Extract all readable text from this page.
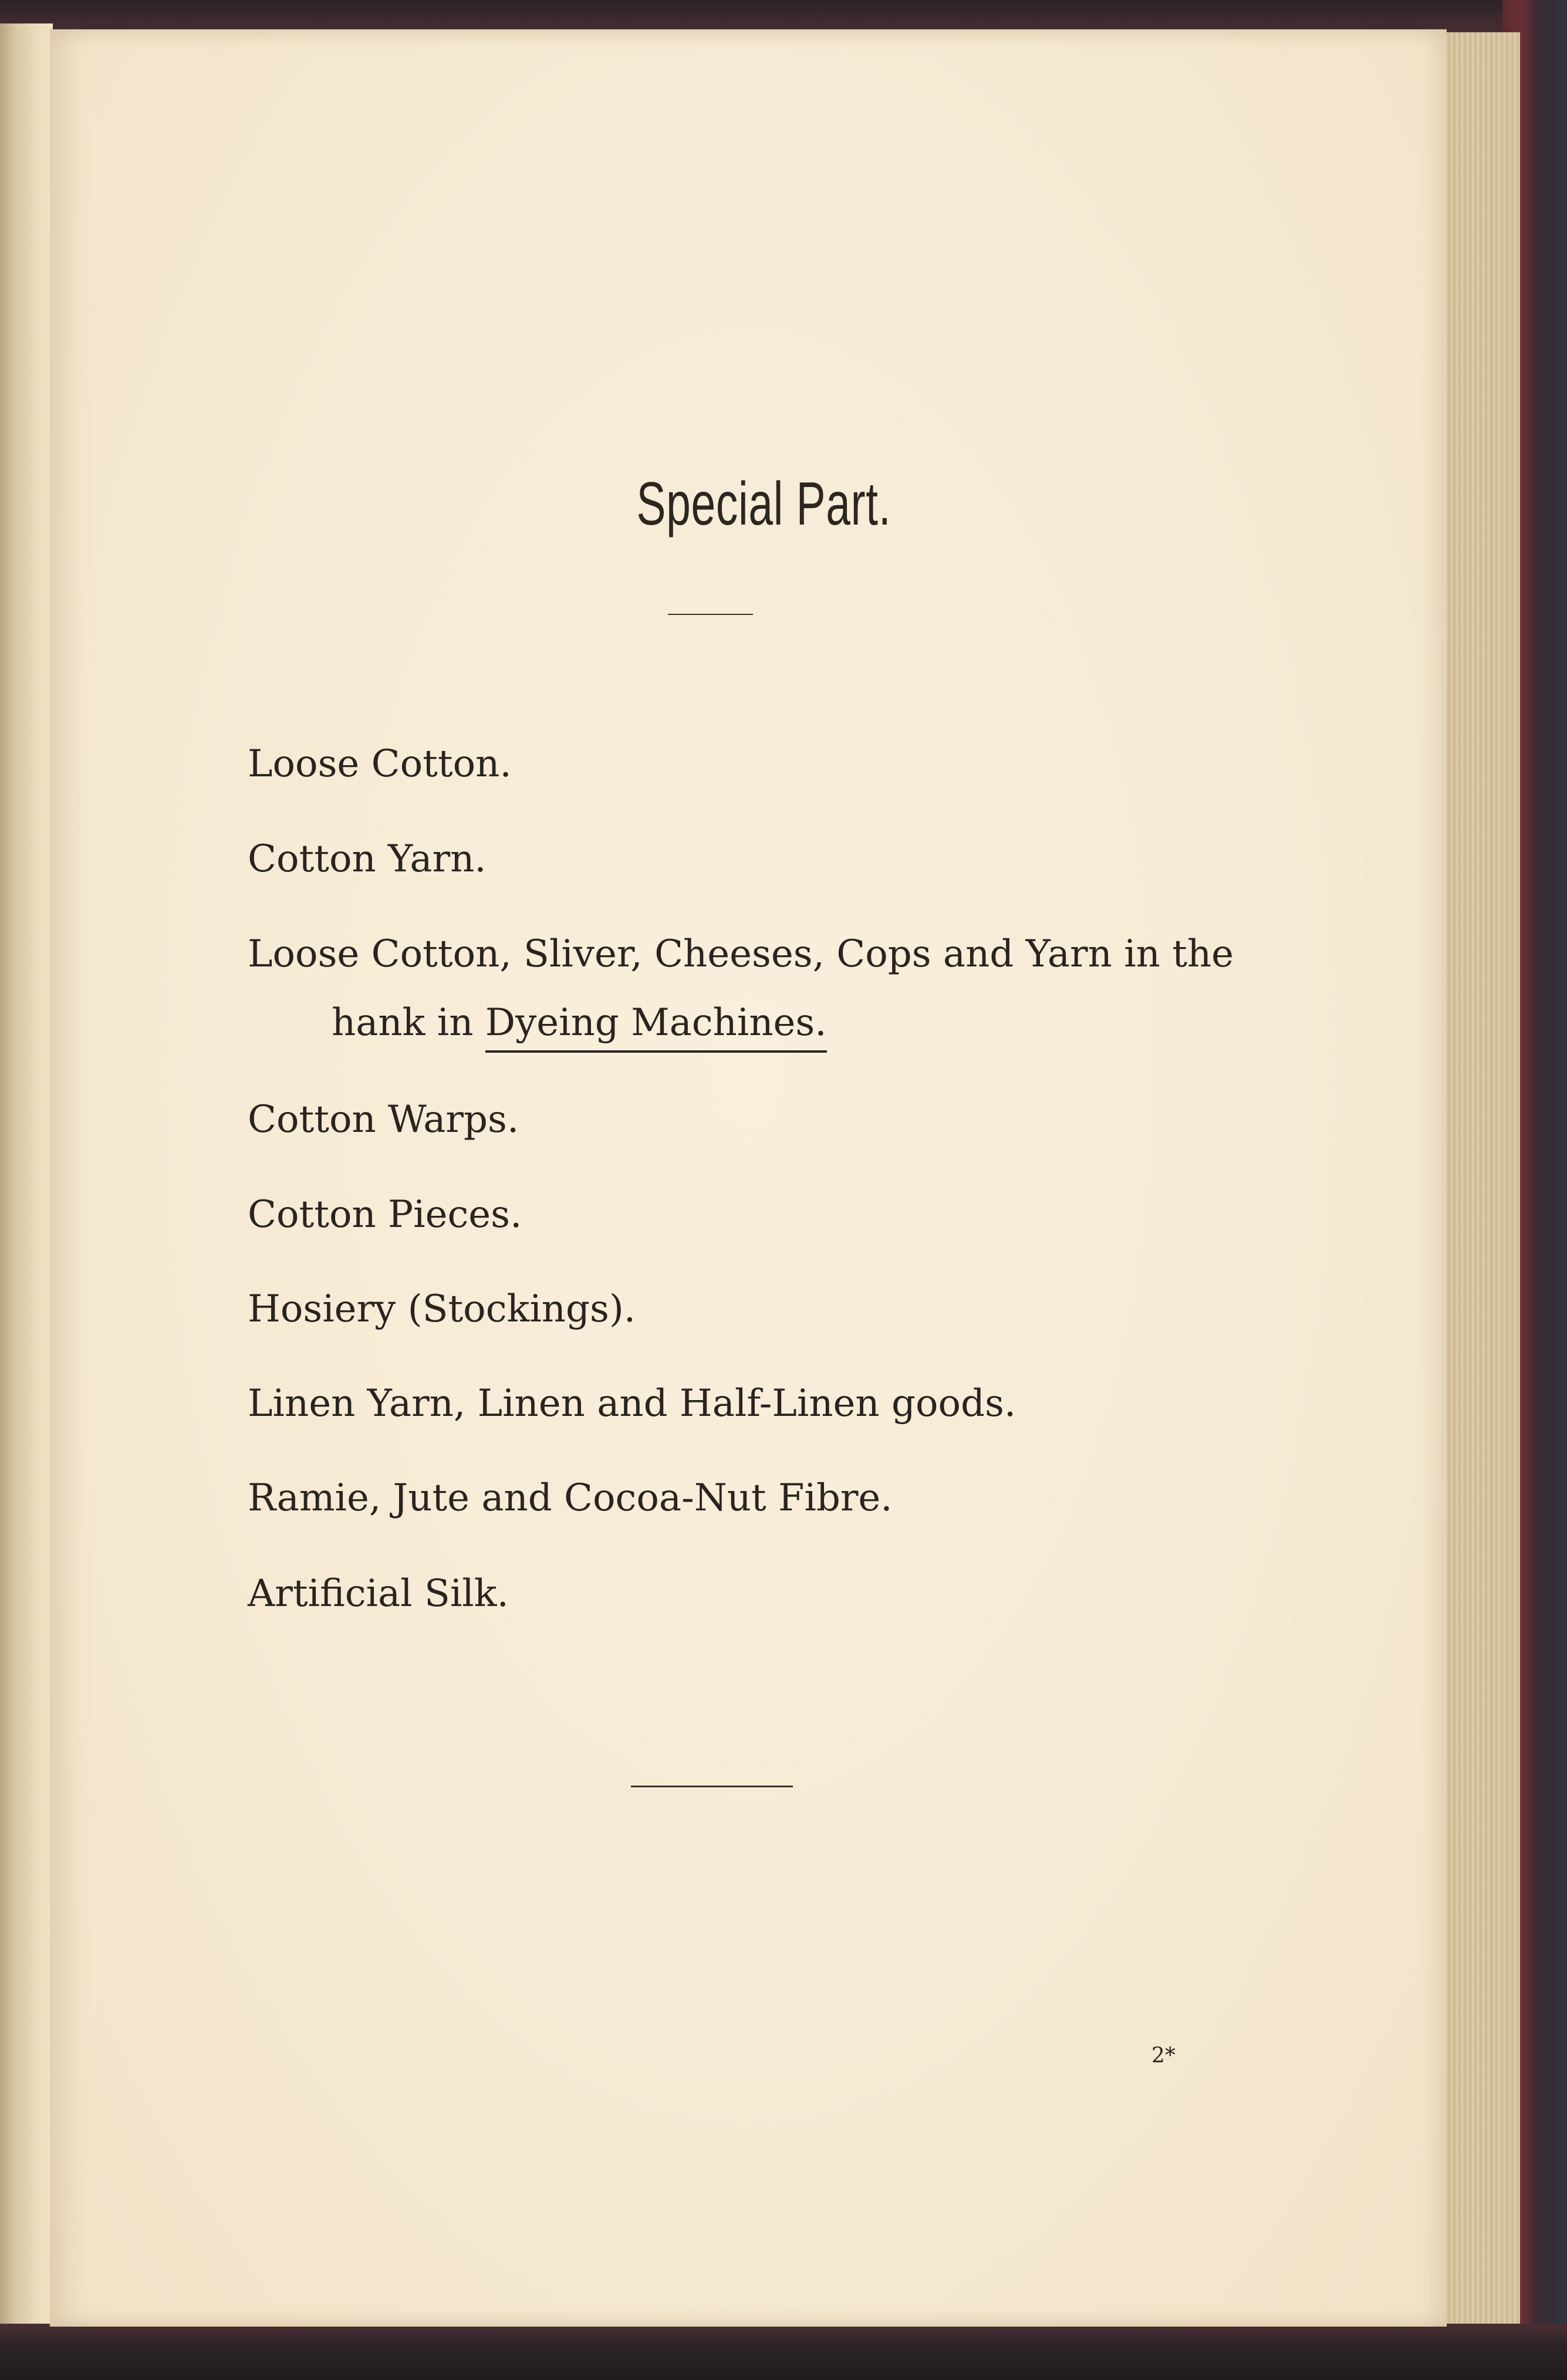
Special Part.
Loose Cotton.
Cotton Yarn.
Loose Cotton, Sliver, Cheeses, Cops and Yarn in the
hank in Dyeing Machines.
Cotton Warps.
Cotton Pieces.
Hosiery (Stockings).
Linen Yarn, Linen and Half-Linen goods.
Ramie, Jute and Cocoa-Nut Fibre.
Artificial Silk.
2*
